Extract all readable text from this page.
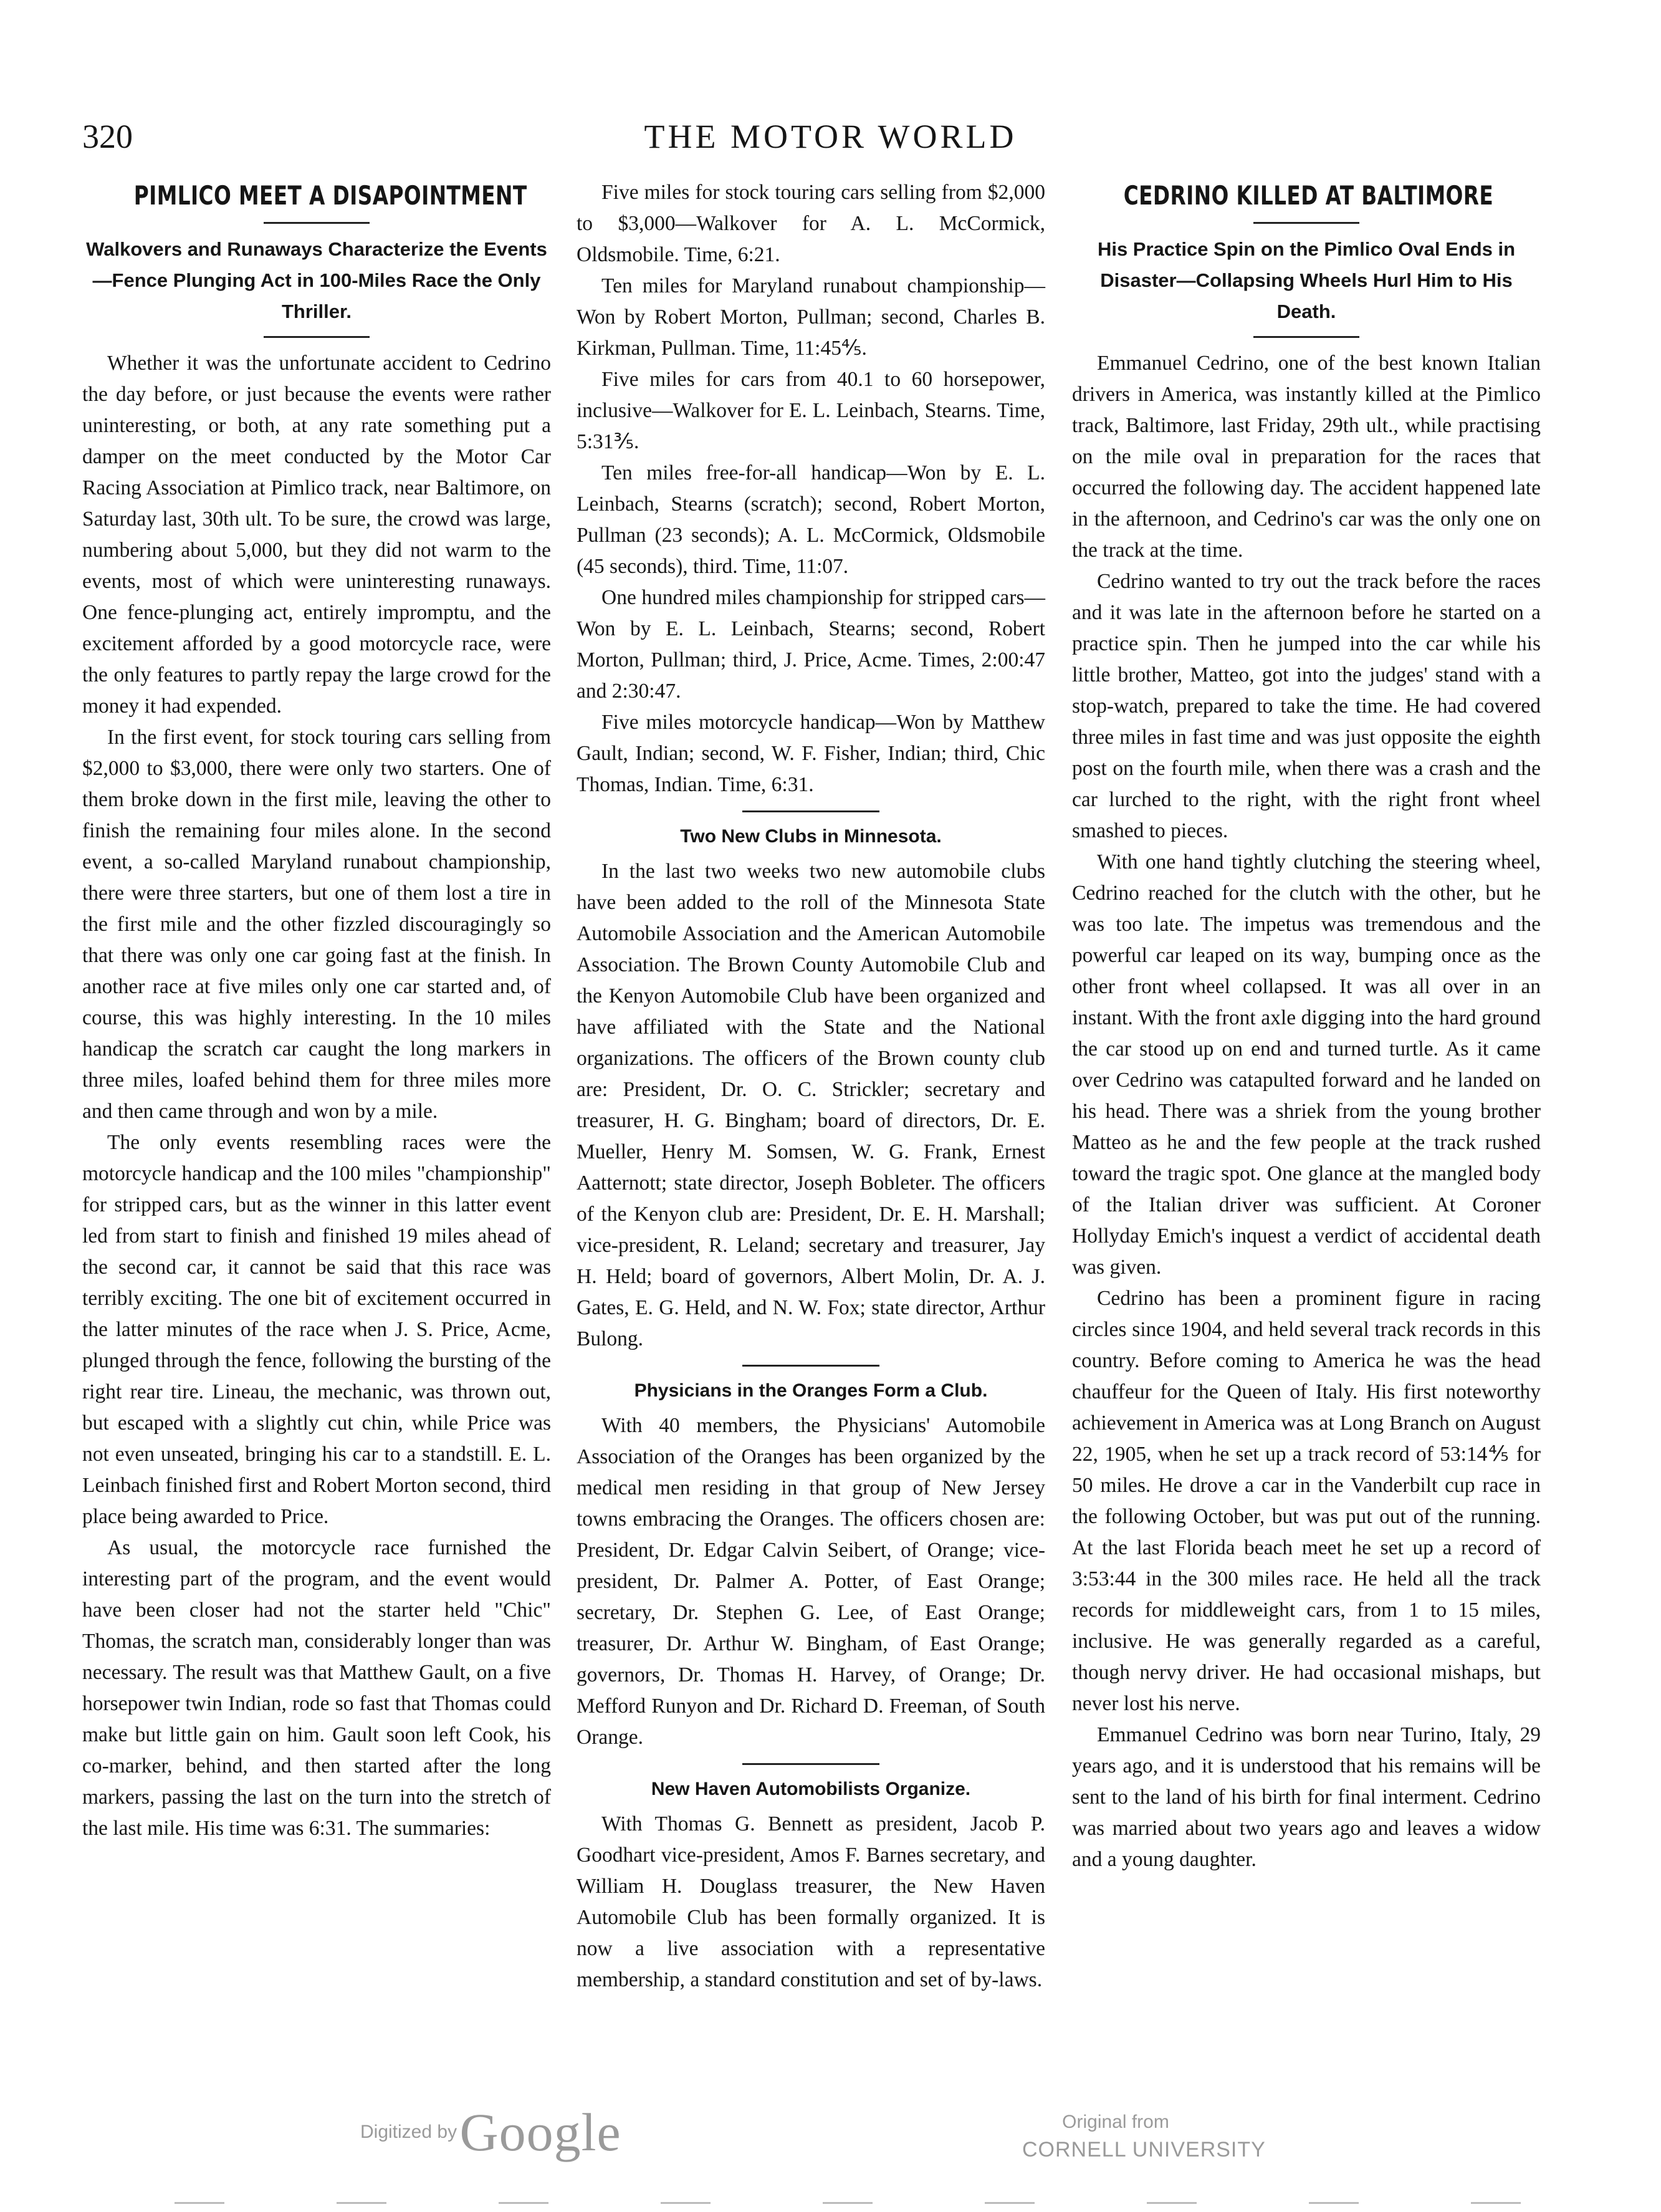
320	THE MOTOR WORLD
PIMLICO MEET A DISAPOINTMENT
Walkovers and Runaways Characterize the Events—Fence Plunging Act in 100-Miles Race the Only Thriller.

Whether it was the unfortunate accident to Cedrino the day before, or just because the events were rather uninteresting, or both, at any rate something put a damper on the meet conducted by the Motor Car Racing Association at Pimlico track, near Baltimore, on Saturday last, 30th ult. To be sure, the crowd was large, numbering about 5,000, but they did not warm to the events, most of which were uninteresting runaways. One fence-plunging act, entirely impromptu, and the excitement afforded by a good motorcycle race, were the only features to partly repay the large crowd for the money it had expended.

In the first event, for stock touring cars selling from $2,000 to $3,000, there were only two starters. One of them broke down in the first mile, leaving the other to finish the remaining four miles alone. In the second event, a so-called Maryland runabout championship, there were three starters, but one of them lost a tire in the first mile and the other fizzled discouragingly so that there was only one car going fast at the finish. In another race at five miles only one car started and, of course, this was highly interesting. In the 10 miles handicap the scratch car caught the long markers in three miles, loafed behind them for three miles more and then came through and won by a mile.

The only events resembling races were the motorcycle handicap and the 100 miles "championship" for stripped cars, but as the winner in this latter event led from start to finish and finished 19 miles ahead of the second car, it cannot be said that this race was terribly exciting. The one bit of excitement occurred in the latter minutes of the race when J. S. Price, Acme, plunged through the fence, following the bursting of the right rear tire. Lineau, the mechanic, was thrown out, but escaped with a slightly cut chin, while Price was not even unseated, bringing his car to a standstill. E. L. Leinbach finished first and Robert Morton second, third place being awarded to Price.

As usual, the motorcycle race furnished the interesting part of the program, and the event would have been closer had not the starter held "Chic" Thomas, the scratch man, considerably longer than was necessary. The result was that Matthew Gault, on a five horsepower twin Indian, rode so fast that Thomas could make but little gain on him. Gault soon left Cook, his co-marker, behind, and then started after the long markers, passing the last on the turn into the stretch of the last mile. His time was 6:31. The summaries:

Five miles for stock touring cars selling from $2,000 to $3,000—Walkover for A. L. McCormick, Oldsmobile. Time, 6:21.

Ten miles for Maryland runabout championship—Won by Robert Morton, Pullman; second, Charles B. Kirkman, Pullman. Time, 11:45⅘.

Five miles for cars from 40.1 to 60 horsepower, inclusive—Walkover for E. L. Leinbach, Stearns. Time, 5:31⅗.

Ten miles free-for-all handicap—Won by E. L. Leinbach, Stearns (scratch); second, Robert Morton, Pullman (23 seconds); A. L. McCormick, Oldsmobile (45 seconds), third. Time, 11:07.

One hundred miles championship for stripped cars—Won by E. L. Leinbach, Stearns; second, Robert Morton, Pullman; third, J. Price, Acme. Times, 2:00:47 and 2:30:47.

Five miles motorcycle handicap—Won by Matthew Gault, Indian; second, W. F. Fisher, Indian; third, Chic Thomas, Indian. Time, 6:31.

Two New Clubs in Minnesota.

In the last two weeks two new automobile clubs have been added to the roll of the Minnesota State Automobile Association and the American Automobile Association. The Brown County Automobile Club and the Kenyon Automobile Club have been organized and have affiliated with the State and the National organizations. The officers of the Brown county club are: President, Dr. O. C. Strickler; secretary and treasurer, H. G. Bingham; board of directors, Dr. E. Mueller, Henry M. Somsen, W. G. Frank, Ernest Aatternott; state director, Joseph Bobleter. The officers of the Kenyon club are: President, Dr. E. H. Marshall; vice-president, R. Leland; secretary and treasurer, Jay H. Held; board of governors, Albert Molin, Dr. A. J. Gates, E. G. Held, and N. W. Fox; state director, Arthur Bulong.

Physicians in the Oranges Form a Club.

With 40 members, the Physicians' Automobile Association of the Oranges has been organized by the medical men residing in that group of New Jersey towns embracing the Oranges. The officers chosen are: President, Dr. Edgar Calvin Seibert, of Orange; vice-president, Dr. Palmer A. Potter, of East Orange; secretary, Dr. Stephen G. Lee, of East Orange; treasurer, Dr. Arthur W. Bingham, of East Orange; governors, Dr. Thomas H. Harvey, of Orange; Dr. Mefford Runyon and Dr. Richard D. Freeman, of South Orange.

New Haven Automobilists Organize.

With Thomas G. Bennett as president, Jacob P. Goodhart vice-president, Amos F. Barnes secretary, and William H. Douglass treasurer, the New Haven Automobile Club has been formally organized. It is now a live association with a representative membership, a standard constitution and set of by-laws.

CEDRINO KILLED AT BALTIMORE
His Practice Spin on the Pimlico Oval Ends in Disaster—Collapsing Wheels Hurl Him to His Death.

Emmanuel Cedrino, one of the best known Italian drivers in America, was instantly killed at the Pimlico track, Baltimore, last Friday, 29th ult., while practising on the mile oval in preparation for the races that occurred the following day. The accident happened late in the afternoon, and Cedrino's car was the only one on the track at the time.

Cedrino wanted to try out the track before the races and it was late in the afternoon before he started on a practice spin. Then he jumped into the car while his little brother, Matteo, got into the judges' stand with a stop-watch, prepared to take the time. He had covered three miles in fast time and was just opposite the eighth post on the fourth mile, when there was a crash and the car lurched to the right, with the right front wheel smashed to pieces.

With one hand tightly clutching the steering wheel, Cedrino reached for the clutch with the other, but he was too late. The impetus was tremendous and the powerful car leaped on its way, bumping once as the other front wheel collapsed. It was all over in an instant. With the front axle digging into the hard ground the car stood up on end and turned turtle. As it came over Cedrino was catapulted forward and he landed on his head. There was a shriek from the young brother Matteo as he and the few people at the track rushed toward the tragic spot. One glance at the mangled body of the Italian driver was sufficient. At Coroner Hollyday Emich's inquest a verdict of accidental death was given.

Cedrino has been a prominent figure in racing circles since 1904, and held several track records in this country. Before coming to America he was the head chauffeur for the Queen of Italy. His first noteworthy achievement in America was at Long Branch on August 22, 1905, when he set up a track record of 53:14⅘ for 50 miles. He drove a car in the Vanderbilt cup race in the following October, but was put out of the running. At the last Florida beach meet he set up a record of 3:53:44 in the 300 miles race. He held all the track records for middleweight cars, from 1 to 15 miles, inclusive. He was generally regarded as a careful, though nervy driver. He had occasional mishaps, but never lost his nerve.

Emmanuel Cedrino was born near Turino, Italy, 29 years ago, and it is understood that his remains will be sent to the land of his birth for final interment. Cedrino was married about two years ago and leaves a widow and a young daughter.

Digitized by Google	Original from
CORNELL UNIVERSITY
